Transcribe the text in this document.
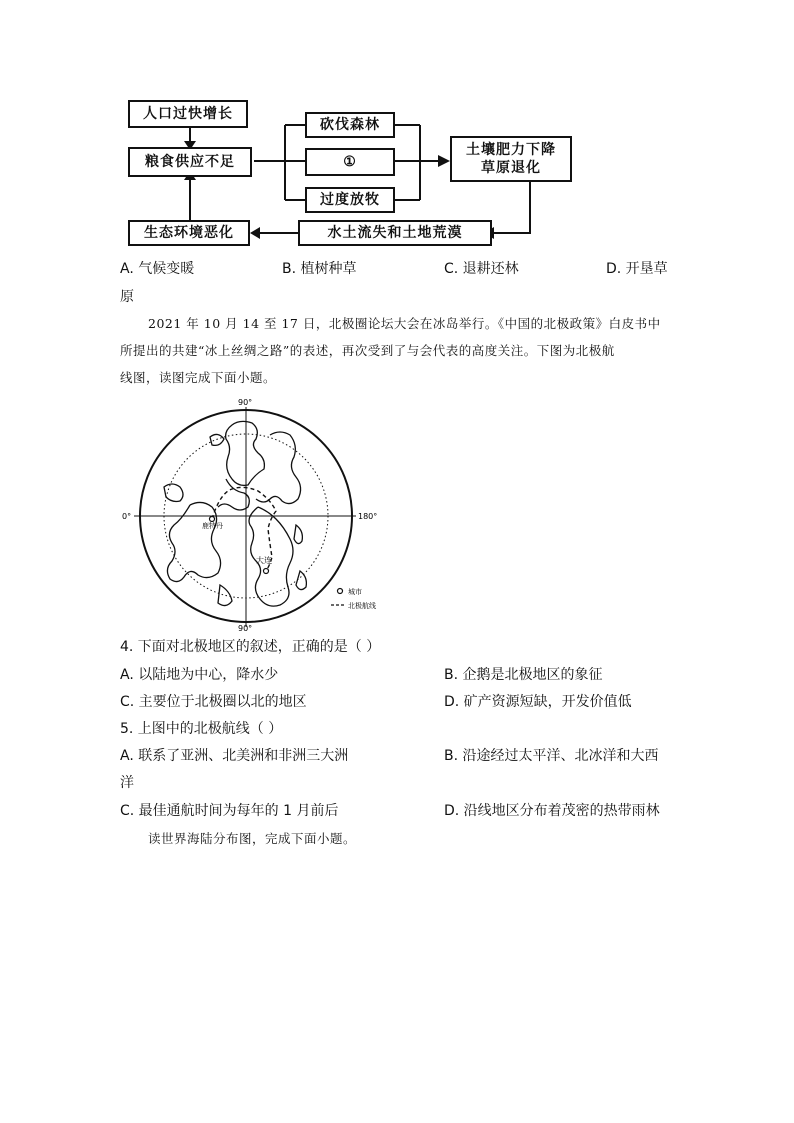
人口过快增长
粮食供应不足
砍伐森林
①
过度放牧
土壤肥力下降
草原退化
水土流失和土地荒漠
生态环境恶化
A. 气候变暖	B. 植树种草	C. 退耕还林	D. 开垦草
原
2021 年 10 月 14 至 17 日，北极圈论坛大会在冰岛举行。《中国的北极政策》白皮书中
所提出的共建“冰上丝绸之路”的表述，再次受到了与会代表的高度关注。下图为北极航
线图，读图完成下面小题。
鹿特丹
大连
90°
90°
0°	180°
城市
北极航线
4. 下面对北极地区的叙述，正确的是（ ）
A. 以陆地为中心，降水少	B. 企鹅是北极地区的象征
C. 主要位于北极圈以北的地区	D. 矿产资源短缺，开发价值低
5. 上图中的北极航线（ ）
A. 联系了亚洲、北美洲和非洲三大洲	B. 沿途经过太平洋、北冰洋和大西
洋
C. 最佳通航时间为每年的 1 月前后	D. 沿线地区分布着茂密的热带雨林
读世界海陆分布图，完成下面小题。
